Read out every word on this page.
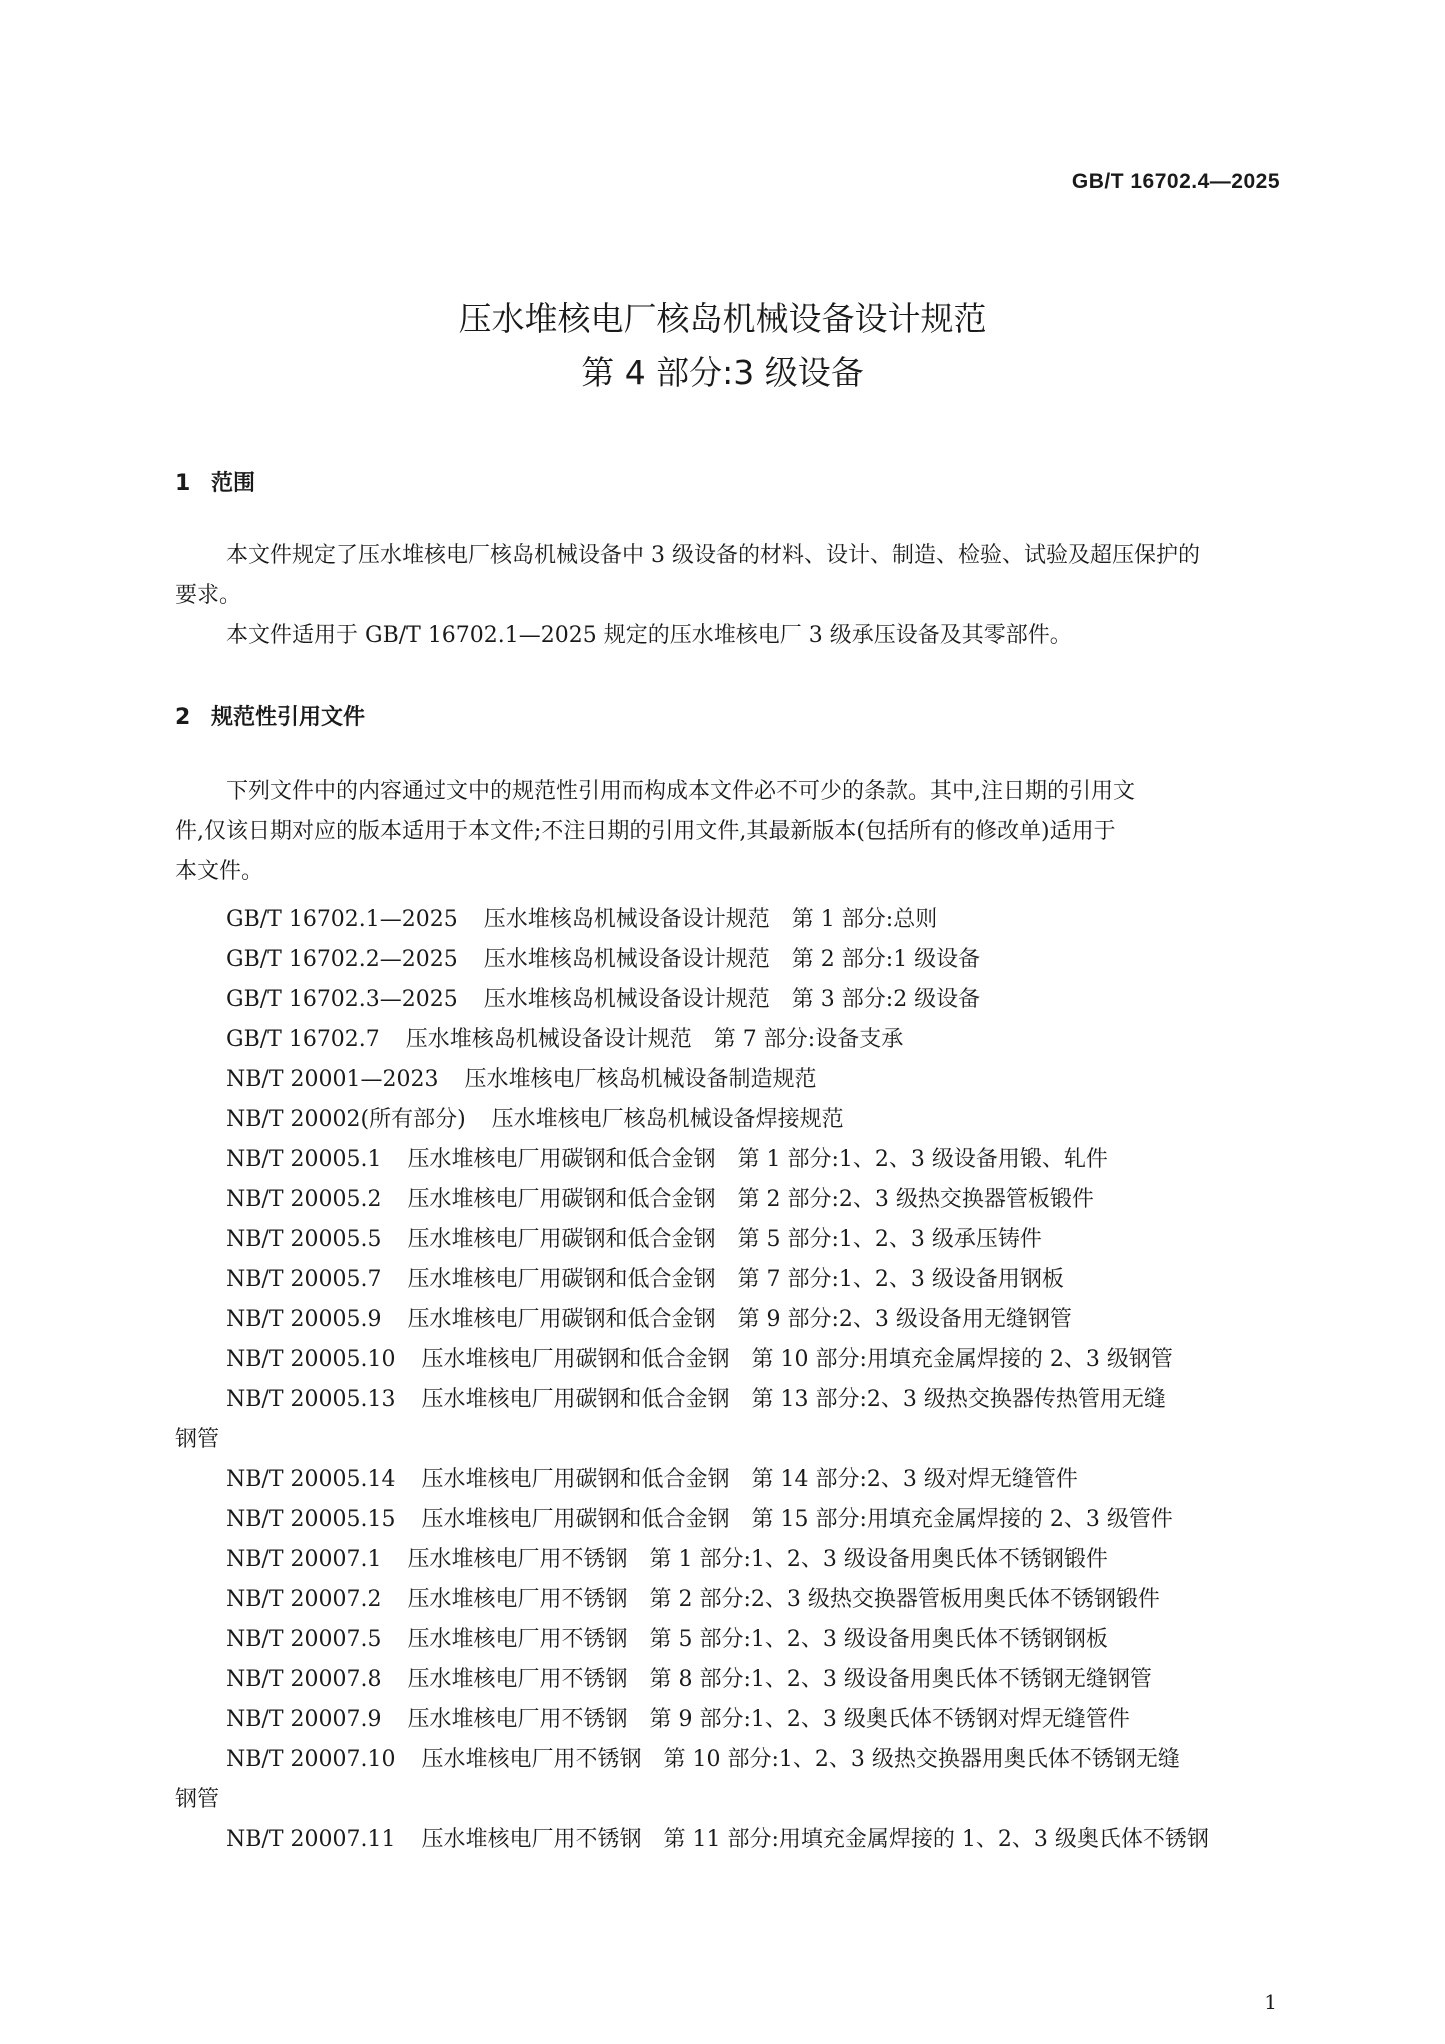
GB/T 16702.4—2025
压水堆核电厂核岛机械设备设计规范
第 4 部分:3 级设备
1 范围
本文件规定了压水堆核电厂核岛机械设备中 3 级设备的材料、设计、制造、检验、试验及超压保护的
要求。
本文件适用于 GB/T 16702.1—2025 规定的压水堆核电厂 3 级承压设备及其零部件。
2 规范性引用文件
下列文件中的内容通过文中的规范性引用而构成本文件必不可少的条款。其中,注日期的引用文
件,仅该日期对应的版本适用于本文件;不注日期的引用文件,其最新版本(包括所有的修改单)适用于
本文件。
GB/T 16702.1—2025 压水堆核岛机械设备设计规范　第 1 部分:总则
GB/T 16702.2—2025 压水堆核岛机械设备设计规范　第 2 部分:1 级设备
GB/T 16702.3—2025 压水堆核岛机械设备设计规范　第 3 部分:2 级设备
GB/T 16702.7 压水堆核岛机械设备设计规范　第 7 部分:设备支承
NB/T 20001—2023 压水堆核电厂核岛机械设备制造规范
NB/T 20002(所有部分) 压水堆核电厂核岛机械设备焊接规范
NB/T 20005.1 压水堆核电厂用碳钢和低合金钢　第 1 部分:1、2、3 级设备用锻、轧件
NB/T 20005.2 压水堆核电厂用碳钢和低合金钢　第 2 部分:2、3 级热交换器管板锻件
NB/T 20005.5 压水堆核电厂用碳钢和低合金钢　第 5 部分:1、2、3 级承压铸件
NB/T 20005.7 压水堆核电厂用碳钢和低合金钢　第 7 部分:1、2、3 级设备用钢板
NB/T 20005.9 压水堆核电厂用碳钢和低合金钢　第 9 部分:2、3 级设备用无缝钢管
NB/T 20005.10 压水堆核电厂用碳钢和低合金钢　第 10 部分:用填充金属焊接的 2、3 级钢管
NB/T 20005.13 压水堆核电厂用碳钢和低合金钢　第 13 部分:2、3 级热交换器传热管用无缝
钢管
NB/T 20005.14 压水堆核电厂用碳钢和低合金钢　第 14 部分:2、3 级对焊无缝管件
NB/T 20005.15 压水堆核电厂用碳钢和低合金钢　第 15 部分:用填充金属焊接的 2、3 级管件
NB/T 20007.1 压水堆核电厂用不锈钢　第 1 部分:1、2、3 级设备用奥氏体不锈钢锻件
NB/T 20007.2 压水堆核电厂用不锈钢　第 2 部分:2、3 级热交换器管板用奥氏体不锈钢锻件
NB/T 20007.5 压水堆核电厂用不锈钢　第 5 部分:1、2、3 级设备用奥氏体不锈钢钢板
NB/T 20007.8 压水堆核电厂用不锈钢　第 8 部分:1、2、3 级设备用奥氏体不锈钢无缝钢管
NB/T 20007.9 压水堆核电厂用不锈钢　第 9 部分:1、2、3 级奥氏体不锈钢对焊无缝管件
NB/T 20007.10 压水堆核电厂用不锈钢　第 10 部分:1、2、3 级热交换器用奥氏体不锈钢无缝
钢管
NB/T 20007.11 压水堆核电厂用不锈钢　第 11 部分:用填充金属焊接的 1、2、3 级奥氏体不锈钢
1
